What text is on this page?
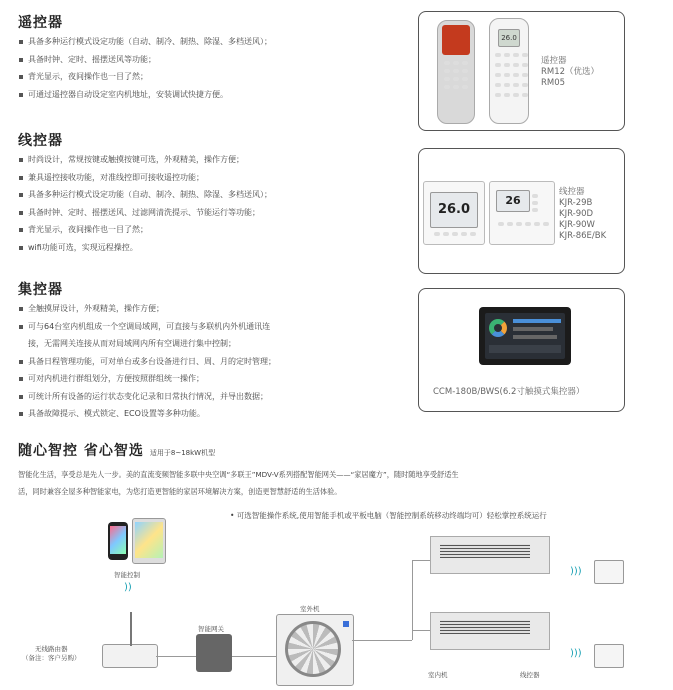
遥控器
具备多种运行模式设定功能（自动、制冷、制热、除湿、多档送风）；
具备时钟、定时、摇摆送风等功能；
背光显示，夜间操作也一目了然；
可通过遥控器自动设定室内机地址，安装调试快捷方便。
26.0
遥控器
RM12（优选）
RM05
线控器
时尚设计，常规按键或触摸按键可选，外观精美，操作方便；
兼具遥控接收功能，对准线控即可接收遥控功能；
具备多种运行模式设定功能（自动、制冷、制热、除湿、多档送风）；
具备时钟、定时、摇摆送风、过滤网清洗提示、节能运行等功能；
背光显示，夜间操作也一目了然；
wifi功能可选，实现远程操控。
26.0
26
线控器
KJR-29B
KJR-90D
KJR-90W
KJR-86E/BK
集控器
全触摸屏设计，外观精美，操作方便；
可与64台室内机组成一个空调局域网，可直接与多联机内外机通讯连
接，无需网关连接从而对局域网内所有空调进行集中控制；
具备日程管理功能，可对单台或多台设备进行日、周、月的定时管理；
可对内机进行群组划分，方便按照群组统一操作；
可统计所有设备的运行状态变化记录和日常执行情况，并导出数据；
具备故障提示、模式锁定、ECO设置等多种功能。
CCM-180B/BWS(6.2寸触摸式集控器）
随心智控 省心智选 适用于8~18kW机型
智能化生活，享受总是先人一步。美的直流变频智能多联中央空调“多联王”MDV-V系列搭配智能网关——“家居魔方”，随时随地享受舒适生
活，同时兼容全屋多种智能家电，为您打造更智能的家居环境解决方案，创造更智慧舒适的生活体验。
• 可选智能操作系统,使用智能手机或平板电脑（智能控制系统移动终端均可）轻松掌控系统运行
智能控制
))
无线路由器
（备注：客户另购）
智能网关
室外机
)))
)))
室内机	线控器
